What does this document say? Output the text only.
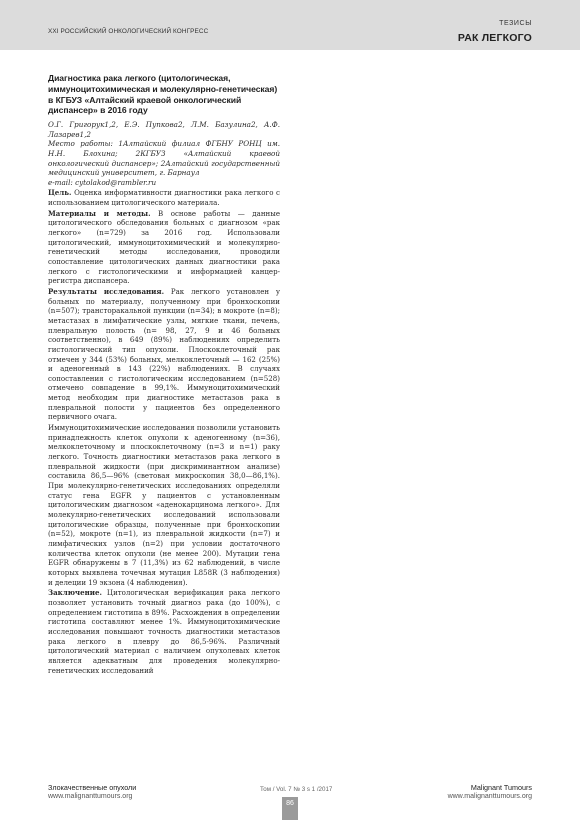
XXI РОССИЙСКИЙ ОНКОЛОГИЧЕСКИЙ КОНГРЕСС
ТЕЗИСЫ
РАК ЛЕГКОГО
Диагностика рака легкого (цитологическая, иммуноцитохимическая и молекулярно-генетическая) в КГБУЗ «Алтайский краевой онкологический диспансер» в 2016 году

О.Г. Григорук1,2, Е.Э. Пупкова2, Л.М. Базулина2, А.Ф. Лазарев1,2

Место работы: 1Алтайский филиал ФГБНУ РОНЦ им. Н.Н. Блохина; 2КГБУЗ «Алтайский краевой онкологический диспансер»; 2Алтайский государственный медицинский университет, г. Барнаул

e-mail: cytolakod@rambler.ru

Цель. Оценка информативности диагностики рака легкого с использованием цитологического материала.

Материалы и методы. В основе работы — данные цитологического обследования больных с диагнозом «рак легкого» (n=729) за 2016 год. Использовали цитологический, иммуноцитохимический и молекулярно-генетический методы исследования, проводили сопоставление цитологических данных диагностики рака легкого с гистологическими и информацией канцер-регистра диспансера.

Результаты исследования. Рак легкого установлен у больных по материалу, полученному при бронхоскопии (n=507); трансторакальной пункции (n=34); в мокроте (n=8); метастазах в лимфатические узлы, мягкие ткани, печень, плевральную полость (n= 98, 27, 9 и 46 больных соответственно), в 649 (89%) наблюдениях определить гистологический тип опухоли. Плоскоклеточный рак отмечен у 344 (53%) больных, мелкоклеточный — 162 (25%) и аденогенный в 143 (22%) наблюдениях. В случаях сопоставления с гистологическим исследованием (n=528) отмечено совпадение в 99,1%. Иммуноцитохимический метод необходим при диагностике метастазов рака в плевральной полости у пациентов без определенного первичного очага.

Иммуноцитохимические исследования позволили установить принадлежность клеток опухоли к аденогенному (n=36), мелкоклеточному и плоскоклеточному (n=3 и n=1) раку легкого. Точность диагностики метастазов рака легкого в плевральной жидкости (при дискриминантном анализе) составила 86,5—96% (световая микроскопия 38,0—86,1%). При молекулярно-генетических исследованиях определяли статус гена EGFR у пациентов с установленным цитологическим диагнозом «аденокарцинома легкого». Для молекулярно-генетических исследований использовали цитологические образцы, полученные при бронхоскопии (n=52), мокроте (n=1), из плевральной жидкости (n=7) и лимфатических узлов (n=2) при условии достаточного количества клеток опухоли (не менее 200). Мутации гена EGFR обнаружены в 7 (11,3%) из 62 наблюдений, в числе которых выявлена точечная мутация L858R (3 наблюдения) и делеции 19 экзона (4 наблюдения).

Заключение. Цитологическая верификация рака легкого позволяет установить точный диагноз рака (до 100%), с определением гистотипа в 89%. Расхождения в определении гистотипа составляют менее 1%. Иммуноцитохимические исследования повышают точность диагностики метастазов рака легкого в плевру до 86,5-96%. Различный цитологический материал с наличием опухолевых клеток является адекватным для проведения молекулярно-генетических исследований

Злокачественные опухоли
www.malignanttumours.org
Том / Vol. 7 № 3 s 1 /2017
86
Malignant Tumours
www.malignanttumours.org
